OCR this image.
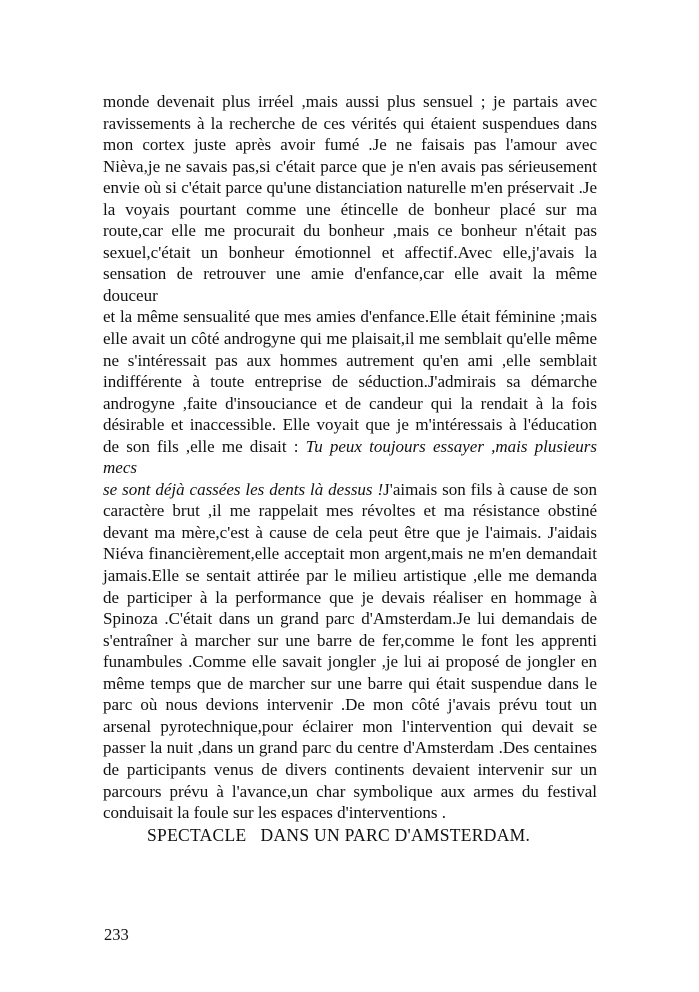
monde devenait plus irréel ,mais aussi plus sensuel ; je partais avec
ravissements à la recherche de ces vérités qui étaient suspendues dans
mon cortex juste après avoir fumé .Je ne faisais pas l'amour avec
Nièva,je ne savais pas,si c'était parce que je n'en avais pas sérieusement
envie où si c'était parce qu'une distanciation naturelle m'en préservait .Je
la voyais pourtant comme une étincelle de bonheur placé sur ma
route,car elle me procurait du bonheur ,mais ce bonheur n'était pas
sexuel,c'était un bonheur émotionnel et affectif.Avec elle,j'avais la
sensation de retrouver une amie d'enfance,car elle avait la même douceur
et la même sensualité que mes amies d'enfance.Elle était féminine ;mais
elle avait un côté androgyne qui me plaisait,il me semblait qu'elle même
ne s'intéressait pas aux hommes autrement qu'en ami ,elle semblait
indifférente à toute entreprise de séduction.J'admirais sa démarche
androgyne ,faite d'insouciance et de candeur qui la rendait à la fois
désirable et inaccessible. Elle voyait que je m'intéressais à l'éducation
de son fils ,elle me disait : Tu peux toujours essayer ,mais plusieurs mecs
se sont déjà cassées les dents là dessus !J'aimais son fils à cause de son
caractère brut ,il me rappelait mes révoltes et ma résistance obstiné
devant ma mère,c'est à cause de cela peut être que je l'aimais. J'aidais
Niéva financièrement,elle acceptait mon argent,mais ne m'en demandait
jamais.Elle se sentait attirée par le milieu artistique ,elle me demanda
de participer à la performance que je devais réaliser en hommage à
Spinoza .C'était dans un grand parc d'Amsterdam.Je lui demandais de
s'entraîner à marcher sur une barre de fer,comme le font les apprenti
funambules .Comme elle savait jongler ,je lui ai proposé de jongler en
même temps que de marcher sur une barre qui était suspendue dans le
parc où nous devions intervenir .De mon côté j'avais prévu tout un
arsenal pyrotechnique,pour éclairer mon l'intervention qui devait se
passer la nuit ,dans un grand parc du centre d'Amsterdam .Des centaines
de participants venus de divers continents devaient intervenir sur un
parcours prévu à l'avance,un char symbolique aux armes du festival
conduisait la foule sur les espaces d'interventions .
SPECTACLE   DANS UN PARC D'AMSTERDAM.
233
